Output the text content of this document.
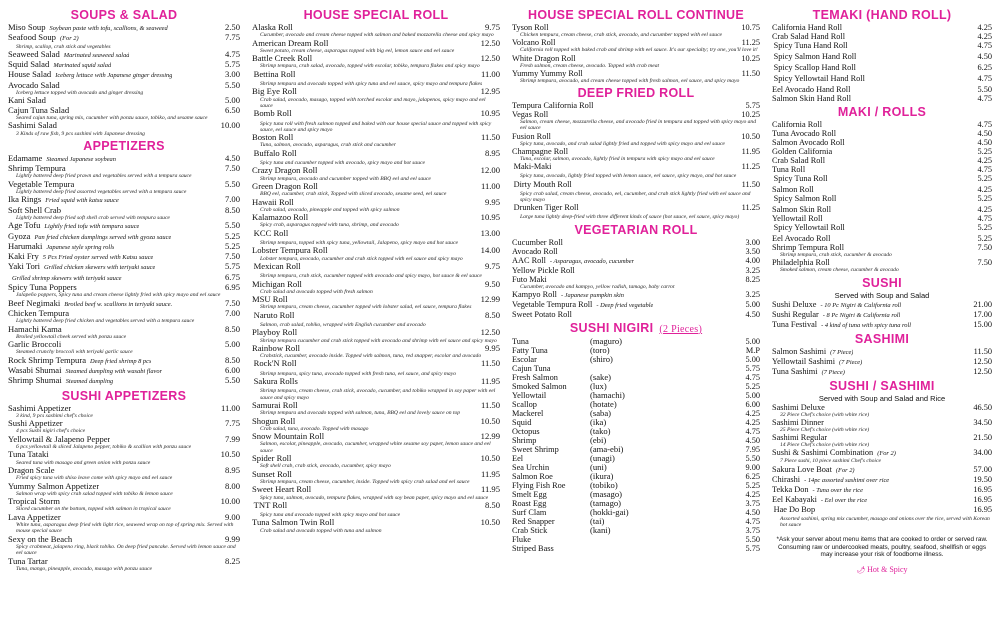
SOUPS & SALAD
Miso Soup Soybean paste with tofu, scallions, & seaweed	2.50
Seafood Soup (For 2)	7.75
Shrimp, scallop, crab stick and vegetables
Seaweed Salad Marinated seaweed salad	4.75
Squid Salad Marinated squid salad	5.75
House Salad Iceberg lettuce with Japanese ginger dressing	3.00
Avocado Salad	5.50
Iceberg lettuce topped with avocado and ginger dressing
Kani Salad	5.00
Cajun Tuna Salad	6.50
Seared cajun tuna, spring mix, cucumber with ponzu sauce, tobiko, and sesame sauce
Sashimi Salad	10.00
3 Kinds of raw fish, 9 pcs sashimi with Japanese dressing
APPETIZERS
Edamame Steamed Japanese soybean	4.50
Shrimp Tempura	7.50
Lightly battered deep fried prawn and vegetables served with a tempura sauce
Vegetable Tempura	5.50
Lightly battered deep fried assorted vegetables served with a tempura sauce
Ika Rings Fried squid with katsu sauce	7.00
Soft Shell Crab	8.50
Lightly battered deep fried soft shell crab served with tempura sauce
Age Tofu Lightly fried tofu with tempura sauce	5.50
Gyoza Pan fried chicken dumplings served with gyoza sauce	5.25
Harumaki Japanese style spring rolls	5.25
Kaki Fry 5 Pcs Fried oyster served with Katsu sauce	7.50
Yaki Tori Grilled chicken skewers with teriyaki sauce	5.75
Grilled shrimp skewers with teriyaki sauce	6.75
Spicy Tuna Poppers	6.95
Jalapeño poppers, Spicy tuna and cream cheese lightly fried with spicy mayo and eel sauce
Beef Negimaki Broiled beef w. scallions in teriyaki sauce.	7.50
Chicken Tempura	7.00
Lightly battered deep fried chicken and vegetables served with a tempura sauce
Hamachi Kama	8.50
Broiled yellowtail cheek served with ponzu sauce
Garlic Broccoli	5.00
Steamed crunchy broccoli with teriyaki garlic sauce
Rock Shrimp Tempura Deep fried shrimp 8 pcs	8.50
Wasabi Shumai Steamed dumpling with wasabi flavor	6.00
Shrimp Shumai Steamed dumpling	5.50
SUSHI APPETIZERS
Sashimi Appetizer	11.00
3 kind, 9 pcs sashimi chef's choice
Sushi Appetizer	7.75
4 pcs Sushi nigiri chef's choice
Yellowtail & Jalapeno Pepper	7.99
6 pcs yellowtail & sliced Jalapeno pepper, tobiko & scallion with ponzu sauce
Tuna Tataki	10.50
Seared tuna with masago and green onion with ponzu sauce
Dragon Scale	8.95
Fried spicy tuna with shiso leave come with spicy mayo and eel sauce
Yummy Salmon Appetizer	8.00
Salmon wrap with spicy crab salad topped with tobiko & lemon sauce
Tropical Storm	10.00
Sliced cucumber on the bottom, topped with salmon in tropical sauce
Lava Appetizer	9.00
White tuna, asparagus deep fried with light rice, seaweed wrap on top of spring mix. Served with mouse special sauce
Sexy on the Beach	9.99
Spicy crabmeat, jalapeno ring, black tobiko. On deep fried pancake. Served with lemon sauce and eel sauce
Tuna Tartar	8.25
Tuna, mango, pineapple, avocado, masago with ponzu sauce
HOUSE SPECIAL ROLL
Alaska Roll	9.75
Cucumber, avocado and cream cheese topped with salmon and baked mozzarella cheese and spicy mayo
American Dream Roll	12.50
Sweet potato, cream cheese, asparagus topped with big eel, lemon sauce and eel sauce
Battle Creek Roll	12.50
Shrimp tempura, crab salad, avocado, topped with escolar, tobiko, tempura flakes and spicy mayo
🌶 Bettina Roll	11.00
Shrimp tempura and avocado topped with spicy tuna and eel sauce, spicy mayo and tempura flakes
Big Eye Roll	12.95
Crab salad, avocado, masago, topped with torched escolar and mayo, jalapenos, spicy mayo and eel sauce
🌶 Bomb Roll	10.95
Spicy tuna roll with fresh salmon topped and baked with our house special sauce and topped with spicy sauce, eel sauce and spicy mayo
Boston Roll	11.50
Tuna, salmon, avocado, asparagus, crab stick and cucumber
🌶 Buffalo Roll	8.95
Spicy tuna and cucumber topped with avocado, spicy mayo and hot sauce
Crazy Dragon Roll	12.00
Shrimp tempura, avocado and cucumber topped with BBQ eel and eel sauce
Green Dragon Roll	11.00
BBQ eel, cucumber, crab stick, Topped with sliced avocado, sesame seed, eel sauce
Hawaii Roll	9.95
Crab salad, avocado, pineapple and topped with spicy salmon
Kalamazoo Roll	10.95
Spicy crab, asparagus topped with tuna, shrimp, and avocado
🌶 KCC Roll	13.00
Shrimp tempura, topped with spicy tuna, yellowtail, Jalapeno, spicy mayo and hot sauce
Lobster Tempura Roll	14.00
Lobster tempura, avocado, cucumber and crab stick topped with eel sauce and spicy mayo
🌶 Mexican Roll	9.75
Shrimp tempura, crab stick, cucumber topped with avocado and spicy mayo, hot sauce & eel sauce
Michigan Roll	9.50
Crab salad and avocado topped with fresh salmon
MSU Roll	12.99
Shrimp tempura, cream cheese, cucumber topped with lobster salad, eel sauce, tempura flakes
🌶 Naruto Roll	8.50
Salmon, crab salad, tobiko, wrapped with English cucumber and avocado
Playboy Roll	12.50
Shrimp tempura cucumber and crab stick topped with avocado and shrimp with eel sauce and spicy mayo
Rainbow Roll	9.95
Crabstick, cucumber, avocado inside. Topped with salmon, tuna, red snapper, escolar and avocado
🌶 Rock'N Roll	11.50
Shrimp tempura, spicy tuna, avocado topped with fresh tuna, eel sauce, and spicy mayo
🌶 Sakura Rolls	11.95
Shrimp tempura, cream cheese, crab stick, avocado, cucumber, and tobiko wrapped in soy paper with eel sauce and spicy mayo
Samurai Roll	11.50
Shrimp tempura and avocado topped with salmon, tuna, BBQ eel and lovely sauce on top
Shogun Roll	10.50
Crab salad, tuna, avocado. Topped with masago
Snow Mountain Roll	12.99
Salmon, escolar, pineapple, avocado, cucumber, wrapped white sesame soy paper, lemon sauce and eel sauce
Spider Roll	10.50
Soft shell crab, crab stick, avocado, cucumber, spicy mayo
Sunset Roll	11.95
Shrimp tempura, cream cheese, cucumber, inside. Topped with spicy crab salad and eel sauce
Sweet Heart Roll	11.95
Spicy tuna, salmon, avocado, tempura flakes, wrapped with soy bean paper, spicy mayo and eel sauce
🌶 TNT Roll	8.50
Spicy tuna and avocado topped with spicy mayo and hot sauce
Tuna Salmon Twin Roll	10.50
Crab salad and avocado topped with tuna and salmon
HOUSE SPECIAL ROLL CONTINUE
Tyson Roll	10.75
Chicken tempura, cream cheese, crab stick, avocado, and cucumber topped with eel sauce
Volcano Roll	11.25
California roll topped with baked crab and shrimp with eel sauce. It's our specialty; try one, you'll love it!
White Dragon Roll	10.25
Fresh salmon, cream cheese, avocado. Topped with crab meat
Yummy Yummy Roll	11.50
Shrimp tempura, avocado, and cream cheese topped with fresh salmon, eel sauce, and spicy mayo
DEEP FRIED ROLL
Tempura California Roll	5.75
Vegas Roll	10.25
Salmon, cream cheese, mozzarella cheese, and avocado fried in tempura and topped with spicy mayo and eel sauce
Fusion Roll	10.50
Spicy tuna, avocado, and crab salad lightly fried and topped with spicy mayo and eel sauce
Champagne Roll	11.95
Tuna, escolar, salmon, avocado, lightly fried in tempura with spicy mayo and eel sauce
🌶 Maki-Maki	11.25
Spicy tuna, avocado, lightly fried topped with lemon sauce, eel sauce, spicy mayo, and hot sauce
🌶 Dirty Mouth Roll	11.50
Spicy crab salad, cream cheese, avocado, eel, cucumber, and crab stick lightly fried with eel sauce and spicy mayo
🌶 Drunken Tiger Roll	11.25
Large tuna lightly deep-fried with three different kinds of sauce (hot sauce, eel sauce, spicy mayo)
VEGETARIAN ROLL
Cucumber Roll	3.00
Avocado Roll	3.50
AAC Roll - Asparagus, avocado, cucumber	4.00
Yellow Pickle Roll	3.25
Futo Maki	8.25
Cucumber, avocado and kampyo, yellow radish, tamago, baby carrot
Kampyo Roll - Japanese pumpkin skin	3.25
Vegetable Tempura Roll - Deep fried vegetable	5.00
Sweet Potato Roll	4.50
SUSHI NIGIRI (2 Pieces)
Tuna	(maguro)	5.00
Fatty Tuna	(toro)	M.P
Escolar	(shiro)	5.00
Cajun Tuna	5.75
Fresh Salmon	(sake)	4.75
Smoked Salmon	(lux)	5.25
Yellowtail	(hamachi)	5.00
Scallop	(hotate)	6.00
Mackerel	(saba)	4.25
Squid	(ika)	4.25
Octopus	(tako)	4.75
Shrimp	(ebi)	4.50
Sweet Shrimp	(ama-ebi)	7.95
Eel	(unagi)	5.50
Sea Urchin	(uni)	9.00
Salmon Roe	(ikura)	6.25
Flying Fish Roe	(tobiko)	5.25
Smelt Egg	(masago)	4.25
Roast Egg	(tamago)	3.75
Surf Clam	(hokki-gai)	4.50
Red Snapper	(tai)	4.75
Crab Stick	(kani)	3.75
Fluke	5.50
Striped Bass	5.75
TEMAKI (HAND ROLL)
California Hand Roll	4.25
Crab Salad Hand Roll	4.25
🌶 Spicy Tuna Hand Roll	4.75
🌶 Spicy Salmon Hand Roll	4.50
🌶 Spicy Scallop Hand Roll	6.25
🌶 Spicy Yellowtail Hand Roll	4.75
Eel Avocado Hand Roll	5.50
Salmon Skin Hand Roll	4.75
MAKI / ROLLS
California Roll	4.75
Tuna Avocado Roll	4.50
Salmon Avocado Roll	4.50
Golden California	5.25
Crab Salad Roll	4.25
Tuna Roll	4.75
🌶 Spicy Tuna Roll	5.25
Salmon Roll	4.25
🌶 Spicy Salmon Roll	5.25
Salmon Skin Roll	4.25
Yellowtail Roll	4.75
🌶 Spicy Yellowtail Roll	5.25
Eel Avocado Roll	5.25
Shrimp Tempura Roll	7.50
Shrimp tempura, crab stick, cucumber & avocado
Philadelphia Roll	7.50
Smoked salmon, cream cheese, cucumber & avocado
SUSHI
Served with Soup and Salad
Sushi Deluxe - 10 Pc Nigiri & California roll	21.00
Sushi Regular - 8 Pc Nigiri & California roll	17.00
Tuna Festival - 4 kind of tuna with spicy tuna roll	15.00
SASHIMI
Salmon Sashimi (7 Piece)	11.50
Yellowtail Sashimi (7 Piece)	12.50
Tuna Sashimi (7 Piece)	12.50
SUSHI / SASHIMI
Served with Soup and Salad and Rice
Sashimi Deluxe	46.50
32 Piece Chef's choice (with white rice)
Sashimi Dinner	34.50
25 Piece Chef's choice (with white rice)
Sashimi Regular	21.50
14 Piece Chef's choice (with white rice)
Sushi & Sashimi Combination (For 2)	34.00
7 Piece sushi, 10 piece sashimi Chef's choice
Sakura Love Boat (For 2)	57.00
Chirashi - 14pc assorted sashimi over rice	19.50
Tekka Don - Tuna over the rice	16.95
Eel Kabayaki - Eel over the rice	16.95
🌶 Hae Do Bop	16.95
Assorted sashimi, spring mix cucumber, masago and onions over the rice, served with Korean hot sauce
*Ask your server about menu items that are cooked to order or served raw. Consuming raw or undercooked meats, poultry, seafood, shellfish or eggs may increase your risk of foodborne illness.
🌶 Hot & Spicy
